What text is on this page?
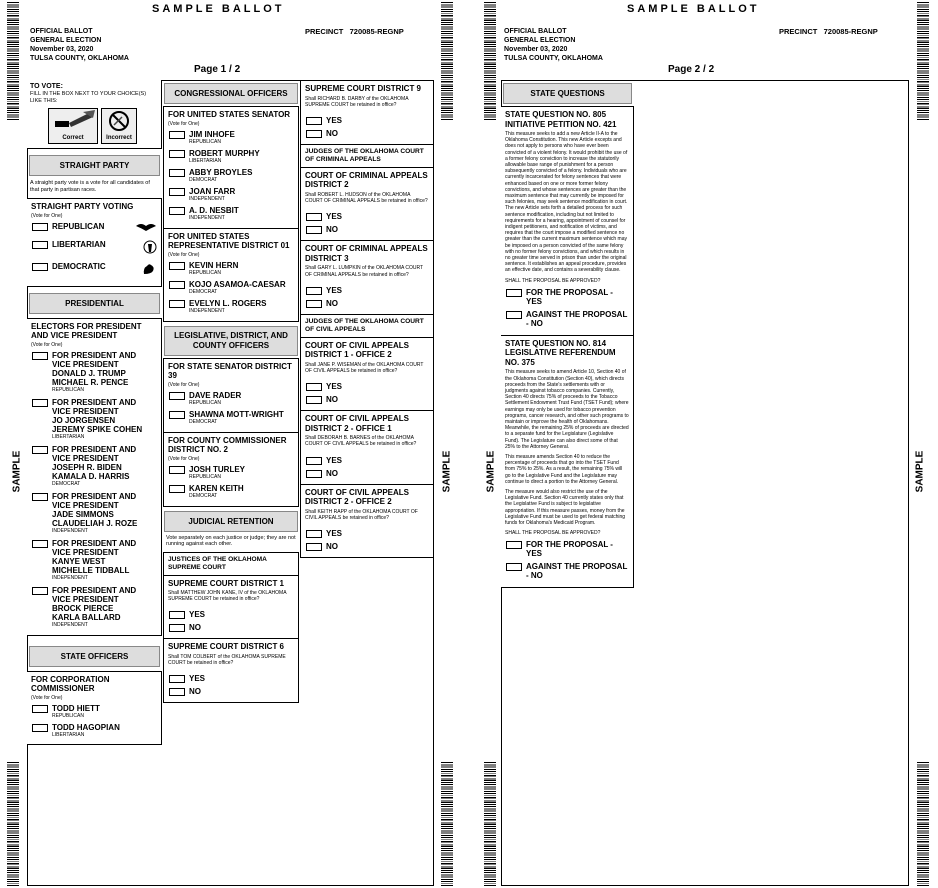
SAMPLE BALLOT
OFFICIAL BALLOT
GENERAL ELECTION
November 03, 2020
TULSA COUNTY, OKLAHOMA
PRECINCT 720085-REGNP
Page 1 / 2
SAMPLE	SAMPLE
TO VOTE:
FILL IN THE BOX NEXT TO YOUR CHOICE(S) LIKE THIS:
Correct	Incorrect
STRAIGHT PARTY
A straight party vote is a vote for all candidates of that party in partisan races.
STRAIGHT PARTY VOTING
(Vote for One)
REPUBLICAN
LIBERTARIAN
DEMOCRATIC
PRESIDENTIAL
ELECTORS FOR PRESIDENT AND VICE PRESIDENT
(Vote for One)
FOR PRESIDENT AND
VICE PRESIDENT
DONALD J. TRUMP
MICHAEL R. PENCE
REPUBLICAN
FOR PRESIDENT AND
VICE PRESIDENT
JO JORGENSEN
JEREMY SPIKE COHEN
LIBERTARIAN
FOR PRESIDENT AND
VICE PRESIDENT
JOSEPH R. BIDEN
KAMALA D. HARRIS
DEMOCRAT
FOR PRESIDENT AND
VICE PRESIDENT
JADE SIMMONS
CLAUDELIAH J. ROZE
INDEPENDENT
FOR PRESIDENT AND
VICE PRESIDENT
KANYE WEST
MICHELLE TIDBALL
INDEPENDENT
FOR PRESIDENT AND
VICE PRESIDENT
BROCK PIERCE
KARLA BALLARD
INDEPENDENT
STATE OFFICERS
FOR CORPORATION COMMISSIONER
(Vote for One)
TODD HIETT
REPUBLICAN
TODD HAGOPIAN
LIBERTARIAN
CONGRESSIONAL OFFICERS
FOR UNITED STATES SENATOR
(Vote for One)
JIM INHOFE
REPUBLICAN
ROBERT MURPHY
LIBERTARIAN
ABBY BROYLES
DEMOCRAT
JOAN FARR
INDEPENDENT
A. D. NESBIT
INDEPENDENT
FOR UNITED STATES REPRESENTATIVE DISTRICT 01
(Vote for One)
KEVIN HERN
REPUBLICAN
KOJO ASAMOA-CAESAR
DEMOCRAT
EVELYN L. ROGERS
INDEPENDENT
LEGISLATIVE, DISTRICT, AND COUNTY OFFICERS
FOR STATE SENATOR DISTRICT 39
(Vote for One)
DAVE RADER
REPUBLICAN
SHAWNA MOTT-WRIGHT
DEMOCRAT
FOR COUNTY COMMISSIONER DISTRICT NO. 2
(Vote for One)
JOSH TURLEY
REPUBLICAN
KAREN KEITH
DEMOCRAT
JUDICIAL RETENTION
Vote separately on each justice or judge; they are not running against each other.
JUSTICES OF THE OKLAHOMA SUPREME COURT
SUPREME COURT DISTRICT 1
Shall MATTHEW JOHN KANE, IV of the OKLAHOMA SUPREME COURT be retained in office?
YES
NO
SUPREME COURT DISTRICT 6
Shall TOM COLBERT of the OKLAHOMA SUPREME COURT be retained in office?
YES
NO
SUPREME COURT DISTRICT 9
Shall RICHARD B. DARBY of the OKLAHOMA SUPREME COURT be retained in office?
YES
NO
JUDGES OF THE OKLAHOMA COURT OF CRIMINAL APPEALS
COURT OF CRIMINAL APPEALS DISTRICT 2
Shall ROBERT L. HUDSON of the OKLAHOMA COURT OF CRIMINAL APPEALS be retained in office?
YES
NO
COURT OF CRIMINAL APPEALS DISTRICT 3
Shall GARY L. LUMPKIN of the OKLAHOMA COURT OF CRIMINAL APPEALS be retained in office?
YES
NO
JUDGES OF THE OKLAHOMA COURT OF CIVIL APPEALS
COURT OF CIVIL APPEALS DISTRICT 1 - OFFICE 2
Shall JANE P. WISEMAN of the OKLAHOMA COURT OF CIVIL APPEALS be retained in office?
YES
NO
COURT OF CIVIL APPEALS DISTRICT 2 - OFFICE 1
Shall DEBORAH B. BARNES of the OKLAHOMA COURT OF CIVIL APPEALS be retained in office?
YES
NO
COURT OF CIVIL APPEALS DISTRICT 2 - OFFICE 2
Shall KEITH RAPP of the OKLAHOMA COURT OF CIVIL APPEALS be retained in office?
YES
NO
SAMPLE BALLOT
OFFICIAL BALLOT
GENERAL ELECTION
November 03, 2020
TULSA COUNTY, OKLAHOMA
PRECINCT 720085-REGNP
Page 2 / 2
SAMPLE	SAMPLE
STATE QUESTIONS
STATE QUESTION NO. 805 INITIATIVE PETITION NO. 421
This measure seeks to add a new Article II-A to the Oklahoma Constitution. This new Article excepts and does not apply to persons who have ever been convicted of a violent felony. It would prohibit the use of a former felony conviction to increase the statutorily allowable base range of punishment for a person subsequently convicted of a felony. Individuals who are currently incarcerated for felony sentences that were enhanced based on one or more former felony convictions, and whose sentences are greater than the maximum sentence that may currently be imposed for such felonies, may seek sentence modification in court. The new Article sets forth a detailed process for such sentence modification, including but not limited to requirements for a hearing, appointment of counsel for indigent petitioners, and notification of victims, and requires that the court impose a modified sentence no greater than the current maximum sentence which may be imposed on a person convicted of the same felony with no former felony convictions, and which results in no greater time served in prison than under the original sentence. It establishes an appeal procedure, provides an effective date, and contains a severability clause.
SHALL THE PROPOSAL BE APPROVED?
FOR THE PROPOSAL - YES
AGAINST THE PROPOSAL - NO
STATE QUESTION NO. 814 LEGISLATIVE REFERENDUM NO. 375
This measure seeks to amend Article 10, Section 40 of the Oklahoma Constitution (Section 40), which directs proceeds from the State's settlements with or judgments against tobacco companies. Currently, Section 40 directs 75% of proceeds to the Tobacco Settlement Endowment Trust Fund (TSET Fund); where earnings may only be used for tobacco prevention programs, cancer research, and other such programs to maintain or improve the health of Oklahomans. Meanwhile, the remaining 25% of proceeds are directed to a separate fund for the Legislature (Legislative Fund). The Legislature can also direct some of that 25% to the Attorney General.
This measure amends Section 40 to reduce the percentage of proceeds that go into the TSET Fund from 75% to 25%. As a result, the remaining 75% will go to the Legislative Fund and the Legislature may continue to direct a portion to the Attorney General.
The measure would also restrict the use of the Legislative Fund. Section 40 currently states only that the Legislative Fund is subject to legislative appropriation. If this measure passes, money from the Legislative Fund must be used to get federal matching funds for Oklahoma's Medicaid Program.
SHALL THE PROPOSAL BE APPROVED?
FOR THE PROPOSAL - YES
AGAINST THE PROPOSAL - NO
